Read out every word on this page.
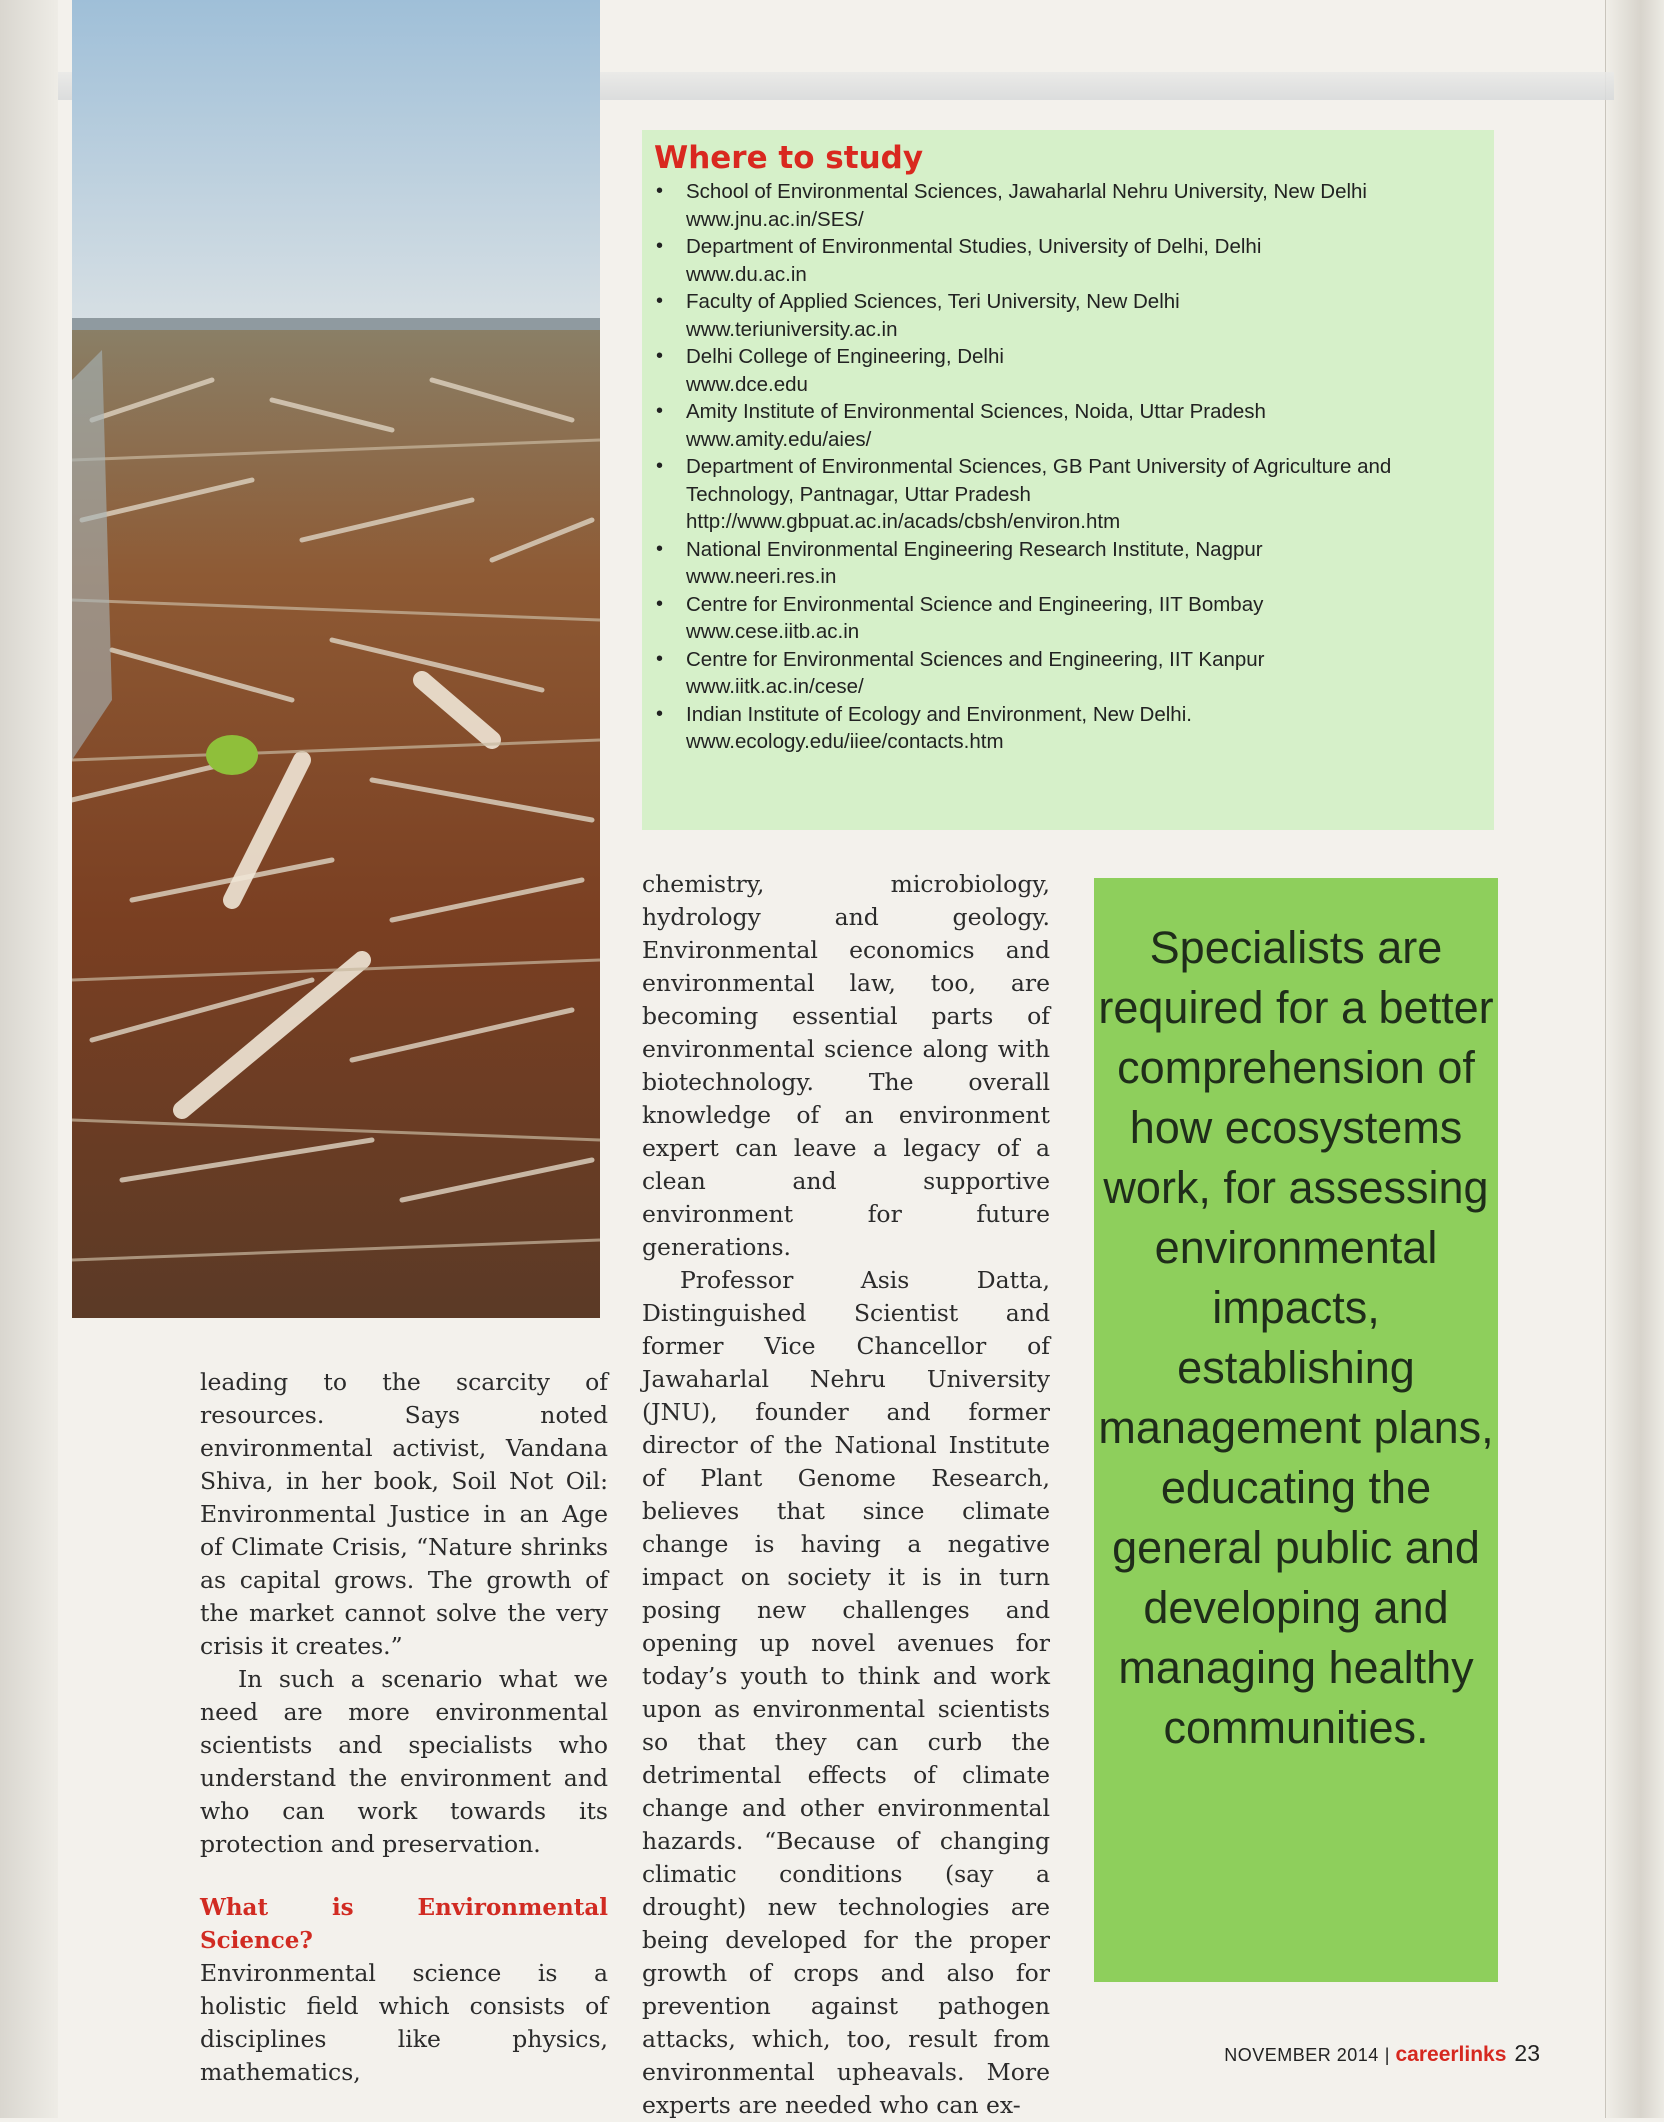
Where to study
• School of Environmental Sciences, Jawaharlal Nehru University, New Delhi
www.jnu.ac.in/SES/
• Department of Environmental Studies, University of Delhi, Delhi
www.du.ac.in
• Faculty of Applied Sciences, Teri University, New Delhi
www.teriuniversity.ac.in
• Delhi College of Engineering, Delhi
www.dce.edu
• Amity Institute of Environmental Sciences, Noida, Uttar Pradesh
www.amity.edu/aies/
• Department of Environmental Sciences, GB Pant University of Agriculture and Technology, Pantnagar, Uttar Pradesh
http://www.gbpuat.ac.in/acads/cbsh/environ.htm
• National Environmental Engineering Research Institute, Nagpur
www.neeri.res.in
• Centre for Environmental Science and Engineering, IIT Bombay
www.cese.iitb.ac.in
• Centre for Environmental Sciences and Engineering, IIT Kanpur
www.iitk.ac.in/cese/
• Indian Institute of Ecology and Environment, New Delhi.
www.ecology.edu/iiee/contacts.htm

leading to the scarcity of resources. Says noted environmental activist, Vandana Shiva, in her book, Soil Not Oil: Environmental Justice in an Age of Climate Crisis, “Nature shrinks as capital grows. The growth of the market cannot solve the very crisis it creates.”

In such a scenario what we need are more environmental scientists and specialists who understand the environment and who can work towards its protection and preservation.

What is Environmental Science?

Environmental science is a holistic field which consists of disciplines like physics, mathematics,

chemistry, microbiology, hydrology and geology. Environmental economics and environmental law, too, are becoming essential parts of environmental science along with biotechnology. The overall knowledge of an environment expert can leave a legacy of a clean and supportive environment for future generations.

Professor Asis Datta, Distinguished Scientist and former Vice Chancellor of Jawaharlal Nehru University (JNU), founder and former director of the National Institute of Plant Genome Research, believes that since climate change is having a negative impact on society it is in turn posing new challenges and opening up novel avenues for today’s youth to think and work upon as environmental scientists so that they can curb the detrimental effects of climate change and other environmental hazards. “Because of changing climatic conditions (say a drought) new technologies are being developed for the proper growth of crops and also for prevention against pathogen attacks, which, too, result from environmental upheavals. More experts are needed who can ex-

Specialists are required for a better comprehension of how ecosystems work, for assessing environmental impacts, establishing management plans, educating the general public and developing and managing healthy communities.

NOVEMBER 2014 | careerlinks 23
